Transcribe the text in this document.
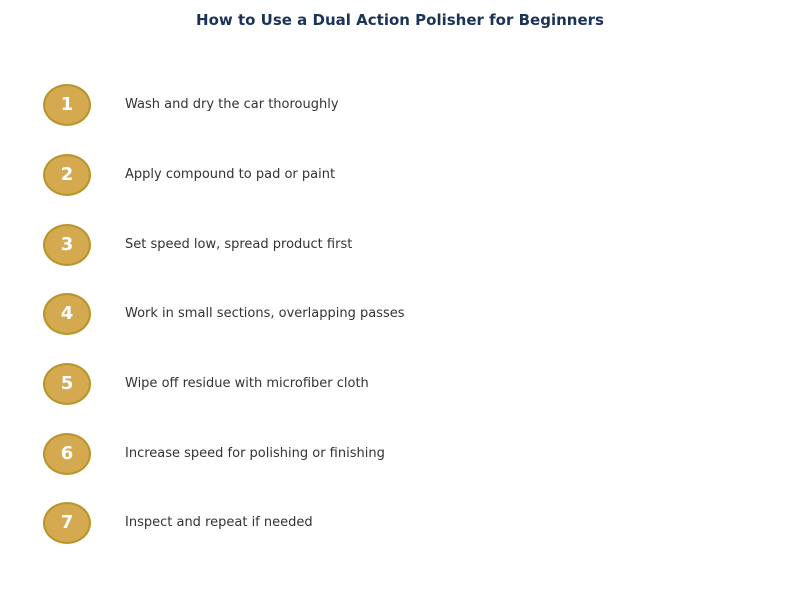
How to Use a Dual Action Polisher for Beginners
1	Wash and dry the car thoroughly
2	Apply compound to pad or paint
3	Set speed low, spread product first
4	Work in small sections, overlapping passes
5	Wipe off residue with microfiber cloth
6	Increase speed for polishing or finishing
7	Inspect and repeat if needed
